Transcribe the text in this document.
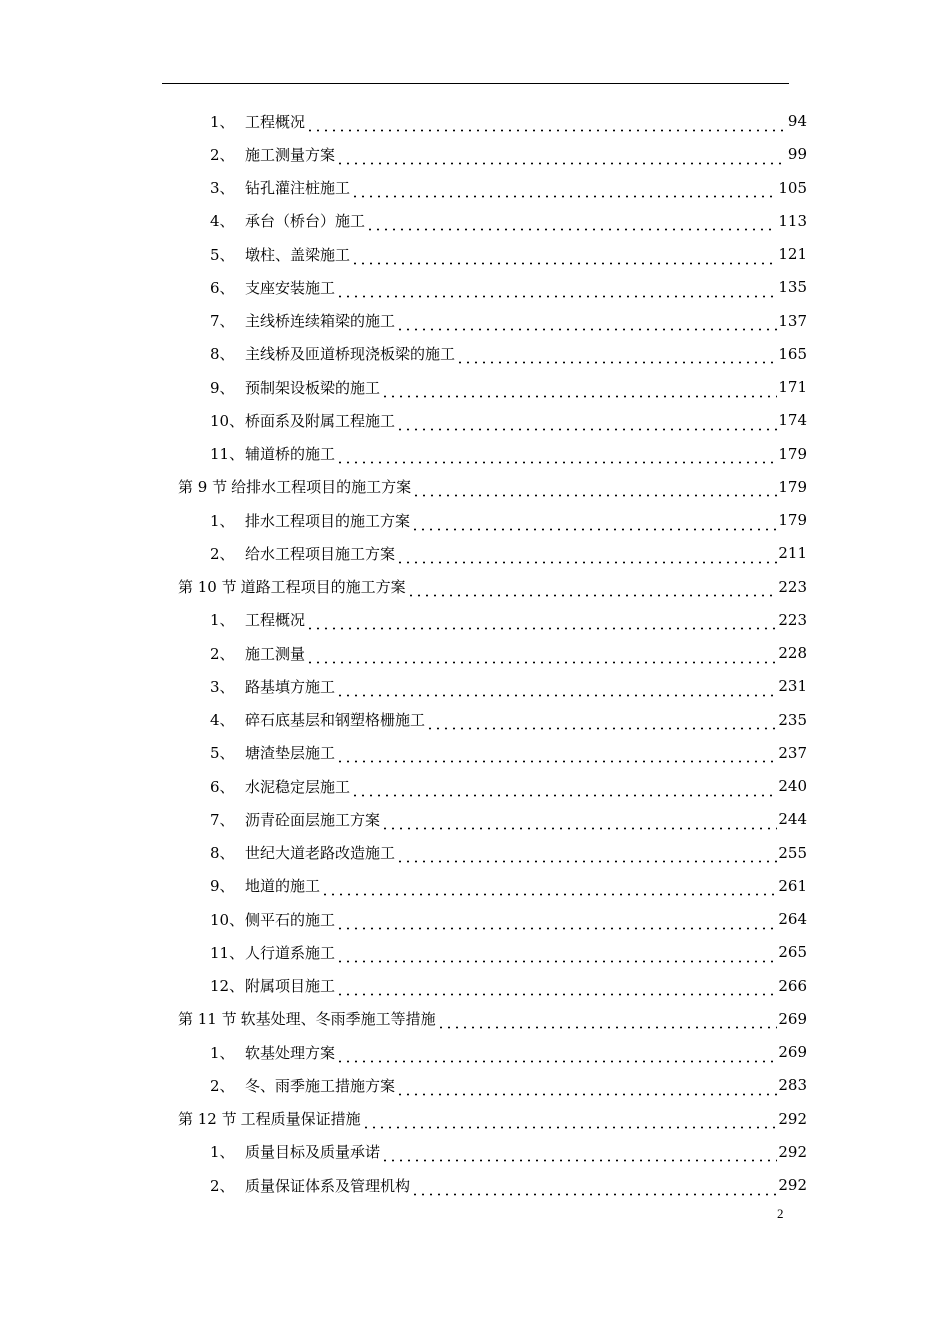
1、 工程概况	94
2、 施工测量方案	99
3、 钻孔灌注桩施工	105
4、 承台（桥台）施工	113
5、 墩柱、盖梁施工	121
6、 支座安装施工	135
7、 主线桥连续箱梁的施工	137
8、 主线桥及匝道桥现浇板梁的施工	165
9、 预制架设板梁的施工	171
10、 桥面系及附属工程施工	174
11、 辅道桥的施工	179
第 9 节 给排水工程项目的施工方案	179
1、 排水工程项目的施工方案	179
2、 给水工程项目施工方案	211
第 10 节 道路工程项目的施工方案	223
1、 工程概况	223
2、 施工测量	228
3、 路基填方施工	231
4、 碎石底基层和钢塑格栅施工	235
5、 塘渣垫层施工	237
6、 水泥稳定层施工	240
7、 沥青砼面层施工方案	244
8、 世纪大道老路改造施工	255
9、 地道的施工	261
10、 侧平石的施工	264
11、 人行道系施工	265
12、 附属项目施工	266
第 11 节 软基处理、冬雨季施工等措施	269
1、 软基处理方案	269
2、 冬、雨季施工措施方案	283
第 12 节 工程质量保证措施	292
1、 质量目标及质量承诺	292
2、 质量保证体系及管理机构	292
2
